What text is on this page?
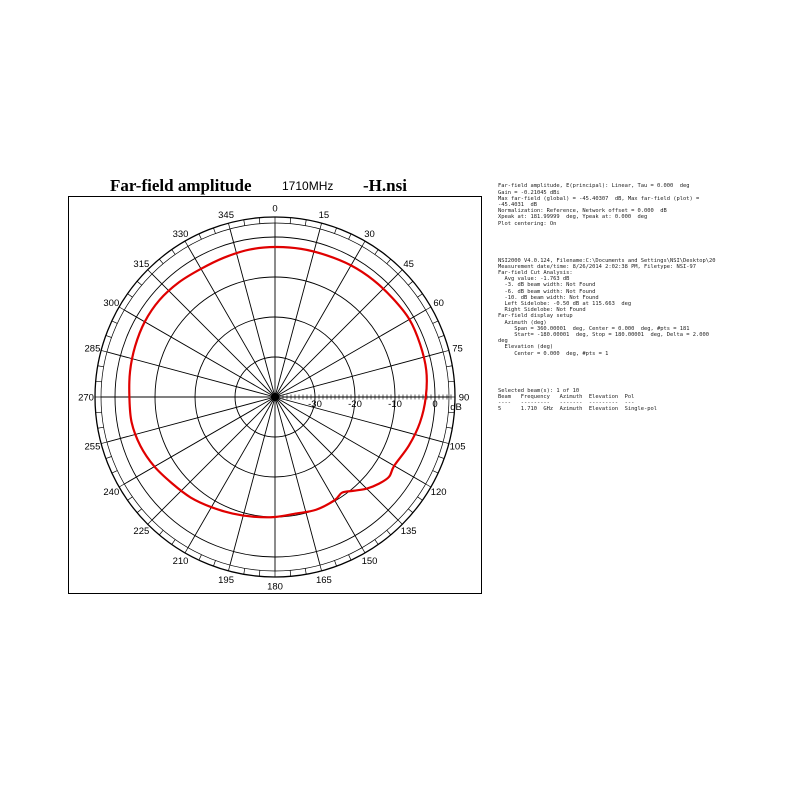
Far-field amplitude	1710MHz -H.nsi
0
15
30
45
60
75
90
105
120
135
150
165
180
195
210
225
240
255
270
285
300
315
330
345
-30	-20	-10	0 dB

Far-field amplitude, E(principal): Linear, Tau = 0.000  deg
Gain = -0.21045 dBi
Max far-field (global) = -45.40307  dB, Max far-field (plot) =
-45.4031  dB
Normalization: Reference, Network offset = 0.000  dB
Xpeak at: 181.99999  deg, Ypeak at: 0.000  deg
Plot centering: On

NSI2000 V4.0.124, Filename:C:\Documents and Settings\NSI\Desktop\20
Measurement date/time: 8/26/2014 2:02:38 PM, Filetype: NSI-97
Far-field Cut Analysis:
Avg value: -1.763 dB
-3. dB beam width: Not Found
-6. dB beam width: Not Found
-10. dB beam width: Not Found
Left Sidelobe: -0.50 dB at 115.663  deg
Right Sidelobe: Not Found
Far-field display setup
Azimuth (deg)
Span = 360.00001  deg, Center = 0.000  deg, #pts = 181
Start= -180.00001  deg, Stop = 180.00001  deg, Delta = 2.000
deg
Elevation (deg)
Center = 0.000  deg, #pts = 1

Selected beam(s): 1 of 10
Beam   Frequency   Azimuth  Elevation  Pol
----   ---------   -------  ---------  ---
5      1.710  GHz  Azimuth  Elevation  Single-pol
